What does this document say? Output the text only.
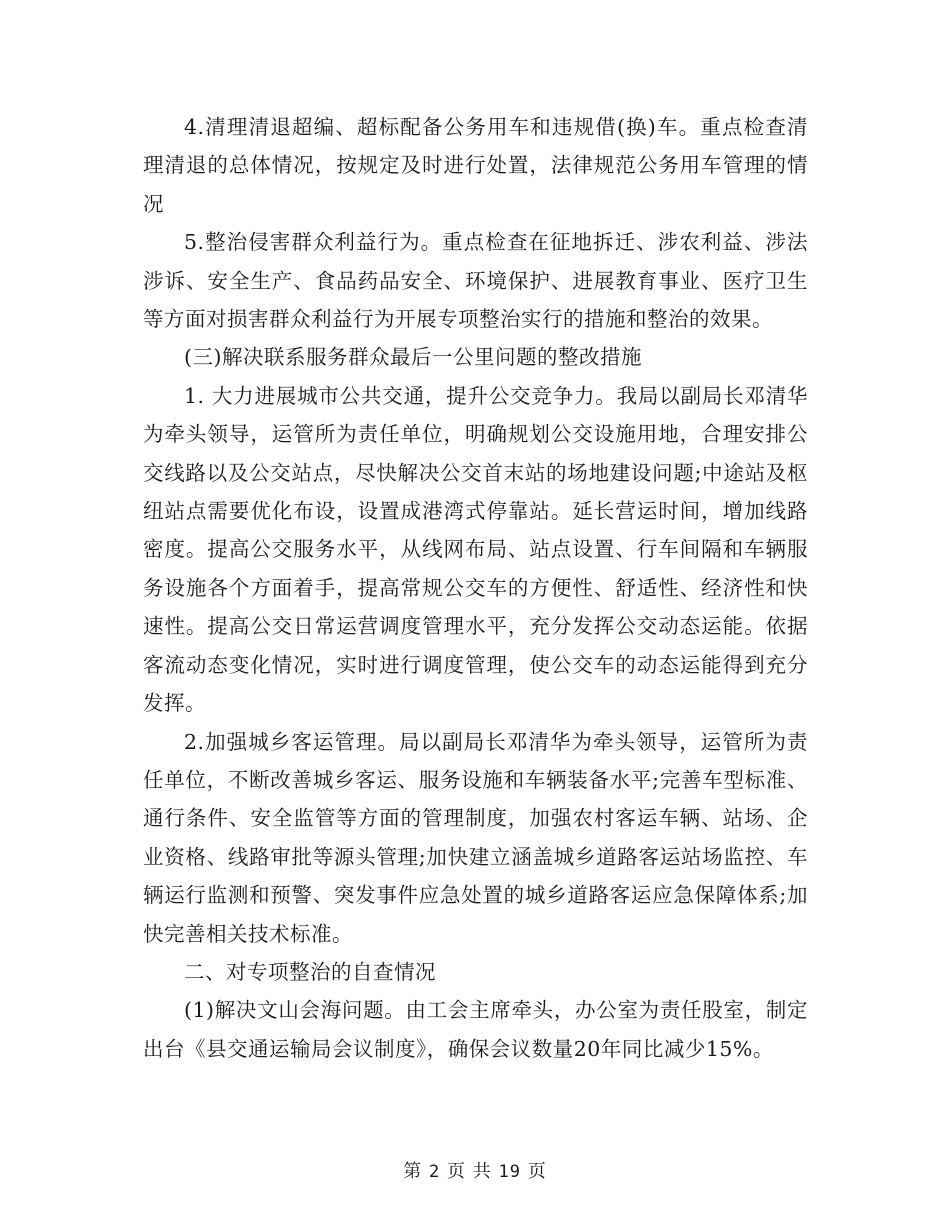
4.清理清退超编、超标配备公务用车和违规借(换)车。重点检查清理清退的总体情况，按规定及时进行处置，法律规范公务用车管理的情况

5.整治侵害群众利益行为。重点检查在征地拆迁、涉农利益、涉法涉诉、安全生产、食品药品安全、环境保护、进展教育事业、医疗卫生等方面对损害群众利益行为开展专项整治实行的措施和整治的效果。

(三)解决联系服务群众最后一公里问题的整改措施

1. 大力进展城市公共交通，提升公交竞争力。我局以副局长邓清华为牵头领导，运管所为责任单位，明确规划公交设施用地，合理安排公交线路以及公交站点，尽快解决公交首末站的场地建设问题;中途站及枢纽站点需要优化布设，设置成港湾式停靠站。延长营运时间，增加线路密度。提高公交服务水平，从线网布局、站点设置、行车间隔和车辆服务设施各个方面着手，提高常规公交车的方便性、舒适性、经济性和快速性。提高公交日常运营调度管理水平，充分发挥公交动态运能。依据客流动态变化情况，实时进行调度管理，使公交车的动态运能得到充分发挥。

2.加强城乡客运管理。局以副局长邓清华为牵头领导，运管所为责任单位，不断改善城乡客运、服务设施和车辆装备水平;完善车型标准、通行条件、安全监管等方面的管理制度，加强农村客运车辆、站场、企业资格、线路审批等源头管理;加快建立涵盖城乡道路客运站场监控、车辆运行监测和预警、突发事件应急处置的城乡道路客运应急保障体系;加快完善相关技术标准。

二、对专项整治的自查情况

(1)解决文山会海问题。由工会主席牵头，办公室为责任股室，制定出台《县交通运输局会议制度》，确保会议数量20年同比减少15%。

第 2 页 共 19 页
